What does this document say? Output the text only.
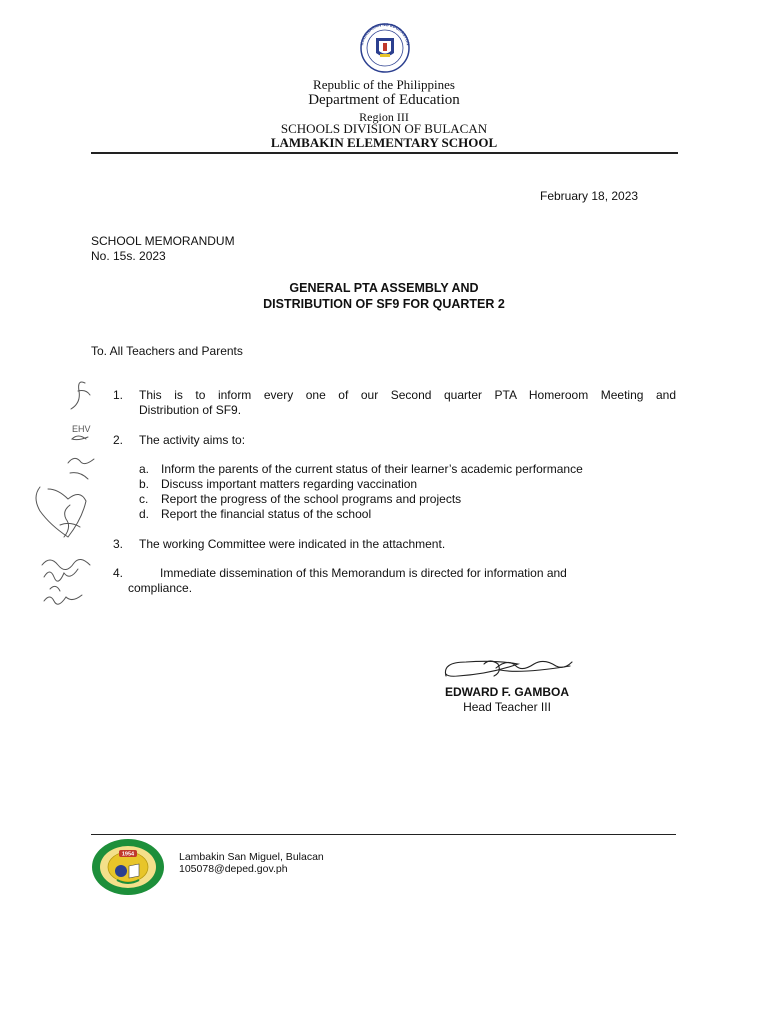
KAGAWARAN NG EDUKASYON
Republic of the Philippines
Department of Education
Region III
SCHOOLS DIVISION OF BULACAN
LAMBAKIN ELEMENTARY SCHOOL
February 18, 2023
SCHOOL MEMORANDUM
No. 15s. 2023
GENERAL PTA ASSEMBLY AND
DISTRIBUTION OF SF9 FOR QUARTER 2
To. All Teachers and Parents
1. This is to inform every one of our Second quarter PTA Homeroom Meeting and
Distribution of SF9.
2. The activity aims to:
a. Inform the parents of the current status of their learner’s academic performance
b. Discuss important matters regarding vaccination
c. Report the progress of the school programs and projects
d. Report the financial status of the school
3. The working Committee were indicated in the attachment.
4.	Immediate dissemination of this Memorandum is directed for information and
compliance.
EHV
EDWARD F. GAMBOA
Head Teacher III
1954	Lambakin San Miguel, Bulacan
105078@deped.gov.ph
